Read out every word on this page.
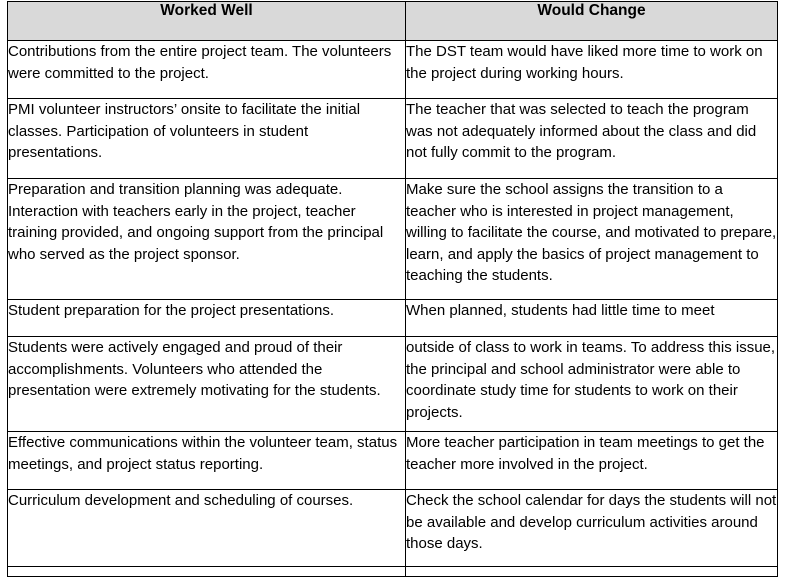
Worked Well	Would Change

Contributions from the entire project team. The volunteers were committed to the project.	The DST team would have liked more time to work on the project during working hours.

PMI volunteer instructors’ onsite to facilitate the initial classes. Participation of volunteers in student presentations.	The teacher that was selected to teach the program was not adequately informed about the class and did not fully commit to the program.

Preparation and transition planning was adequate. Interaction with teachers early in the project, teacher training provided, and ongoing support from the principal who served as the project sponsor.	Make sure the school assigns the transition to a teacher who is interested in project management, willing to facilitate the course, and motivated to prepare, learn, and apply the basics of project management to teaching the students.

Student preparation for the project presentations.	When planned, students had little time to meet

Students were actively engaged and proud of their accomplishments. Volunteers who attended the presentation were extremely motivating for the students.	outside of class to work in teams. To address this issue, the principal and school administrator were able to coordinate study time for students to work on their projects.

Effective communications within the volunteer team, status meetings, and project status reporting.	More teacher participation in team meetings to get the teacher more involved in the project.

Curriculum development and scheduling of courses.	Check the school calendar for days the students will not be available and develop curriculum activities around those days.
